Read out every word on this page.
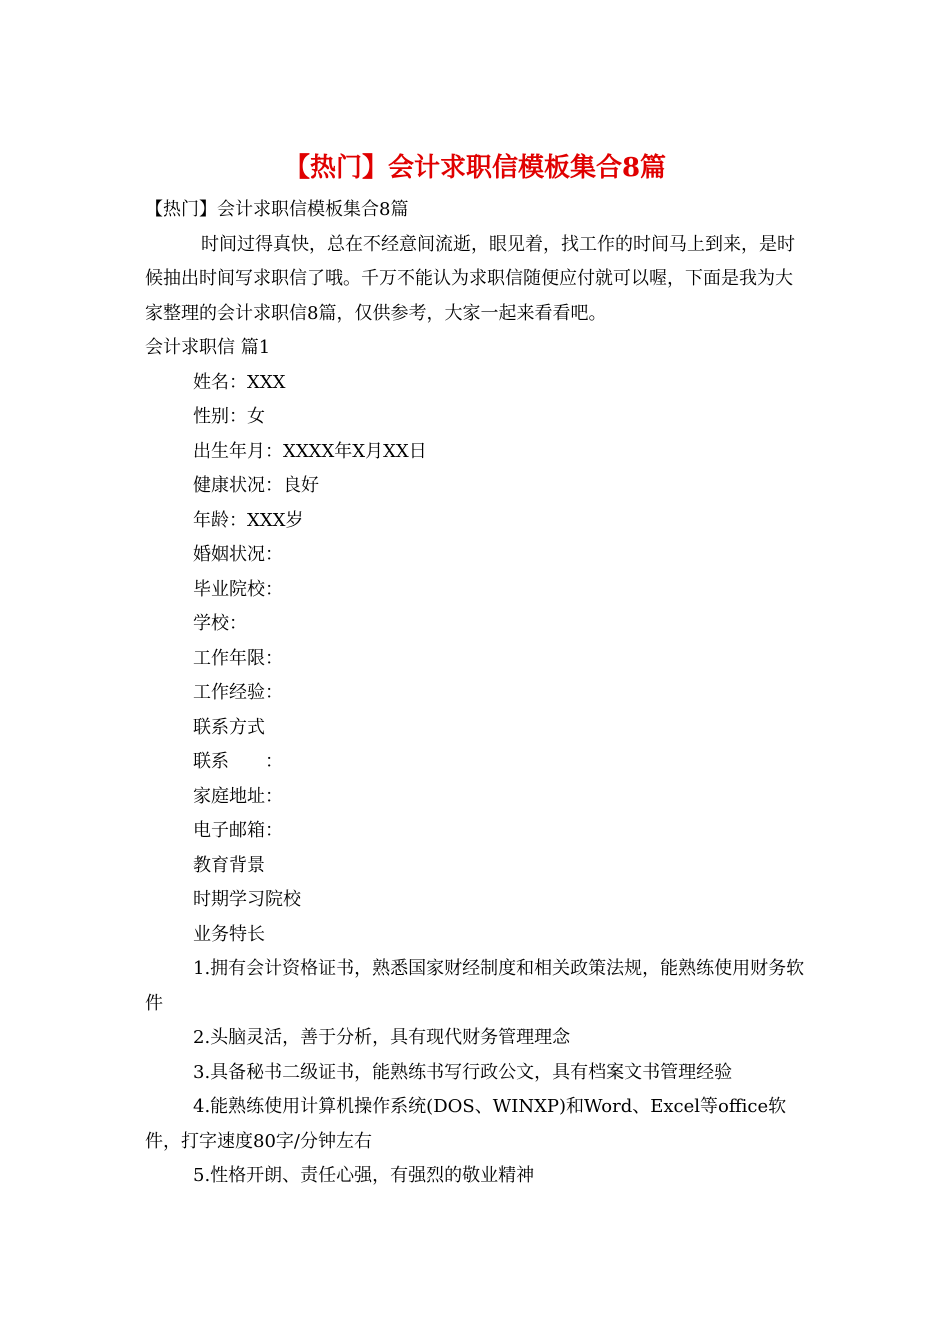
【热门】会计求职信模板集合8篇
【热门】会计求职信模板集合8篇

时间过得真快，总在不经意间流逝，眼见着，找工作的时间马上到来，是时候抽出时间写求职信了哦。千万不能认为求职信随便应付就可以喔，下面是我为大家整理的会计求职信8篇，仅供参考，大家一起来看看吧。

会计求职信 篇1
姓名：XXX
性别：女
出生年月：XXXX年X月XX日
健康状况：良好
年龄：XXX岁
婚姻状况：
毕业院校：
学校：
工作年限：
工作经验：
联系方式
联系　　：
家庭地址：
电子邮箱：
教育背景
时期学习院校
业务特长

1.拥有会计资格证书，熟悉国家财经制度和相关政策法规，能熟练使用财务软件

2.头脑灵活，善于分析，具有现代财务管理理念
3.具备秘书二级证书，能熟练书写行政公文，具有档案文书管理经验

4.能熟练使用计算机操作系统(DOS、WINXP)和Word、Excel等office软件，打字速度80字/分钟左右

5.性格开朗、责任心强，有强烈的敬业精神
